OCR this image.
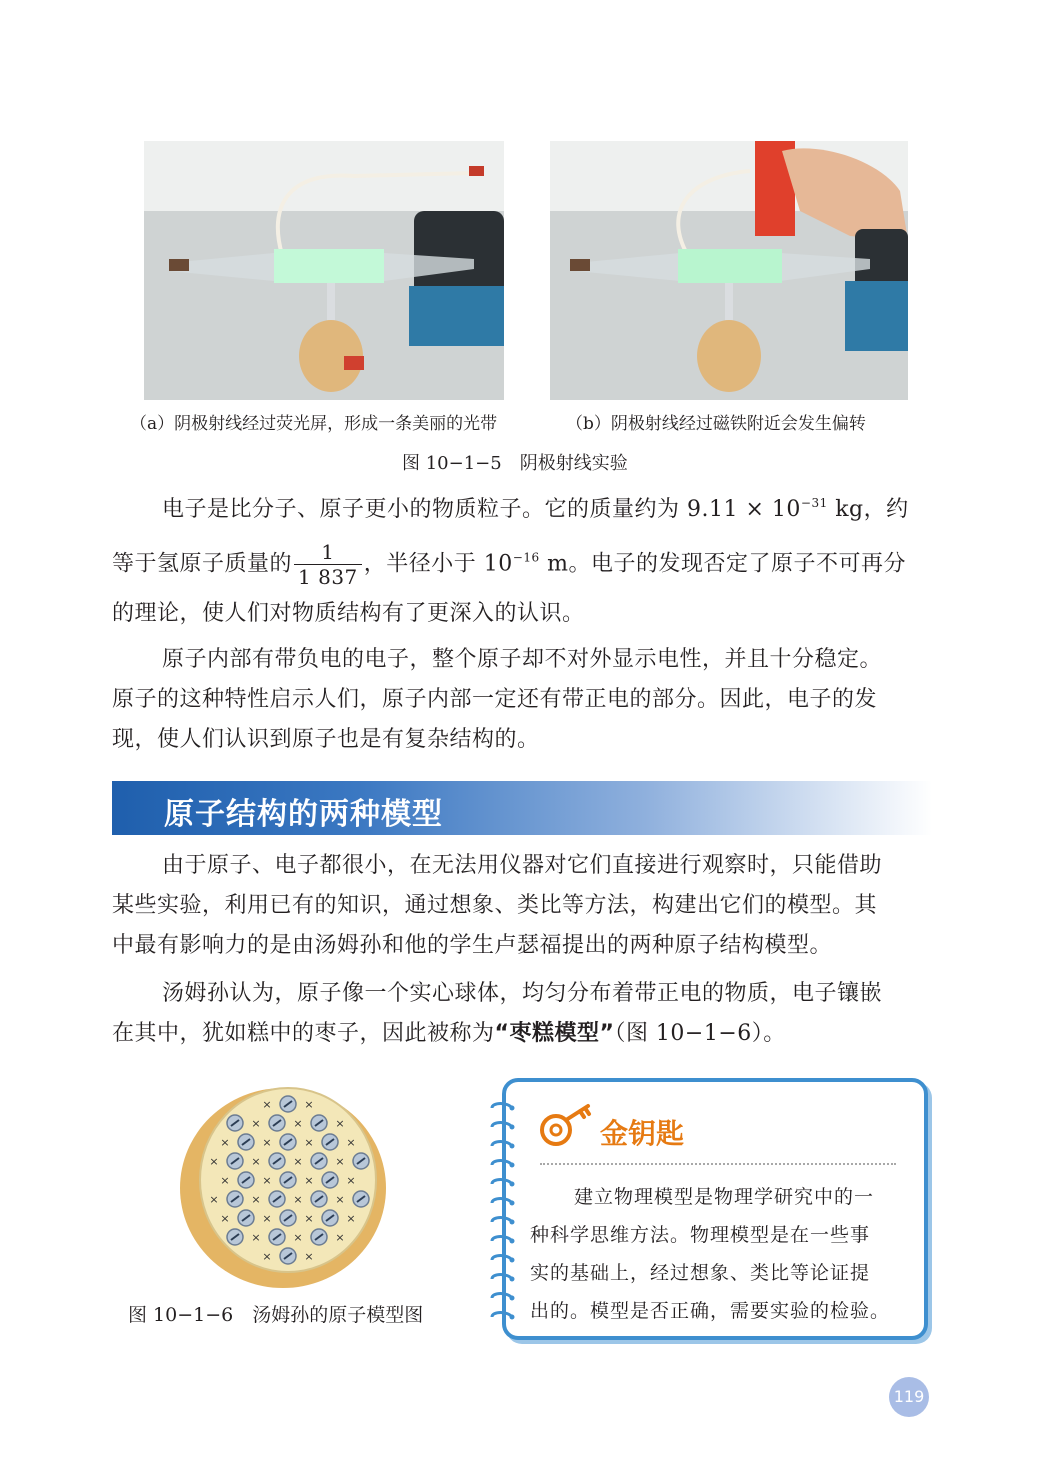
（a）阴极射线经过荧光屏，形成一条美丽的光带	（b）阴极射线经过磁铁附近会发生偏转
图 10−1−5　阴极射线实验
电子是比分子、原子更小的物质粒子。它的质量约为 $9.11 \times 10^{-31}$ kg，约
等于氢原子质量的 $\frac{1}{1 837}$ ，半径小于 $10^{-16}$ m。电子的发现否定了原子不可再分
的理论，使人们对物质结构有了更深入的认识。
原子内部有带负电的电子，整个原子却不对外显示电性，并且十分稳定。
原子的这种特性启示人们，原子内部一定还有带正电的部分。因此，电子的发
现，使人们认识到原子也是有复杂结构的。
原子结构的两种模型
由于原子、电子都很小，在无法用仪器对它们直接进行观察时，只能借助
某些实验，利用已有的知识，通过想象、类比等方法，构建出它们的模型。其
中最有影响力的是由汤姆孙和他的学生卢瑟福提出的两种原子结构模型。
汤姆孙认为，原子像一个实心球体，均匀分布着带正电的物质，电子镶嵌
在其中，犹如糕中的枣子，因此被称为“枣糕模型”（图 10−1−6）。
×	×
×	×	×
×	×	×	×
×	×	×	×
×	×	×	×
×	×	×	×
×	×	×	×
×	×	×
×	×
图 10−1−6　汤姆孙的原子模型图
金钥匙
建立物理模型是物理学研究中的一
种科学思维方法。物理模型是在一些事
实的基础上，经过想象、类比等论证提
出的。模型是否正确，需要实验的检验。
119
